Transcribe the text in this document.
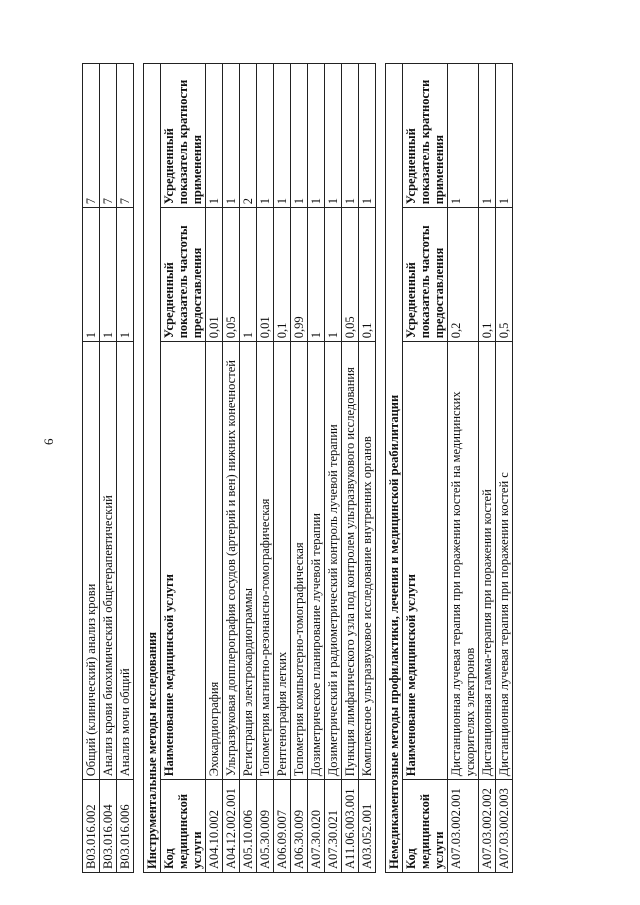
6
B03.016.002	Общий (клинический) анализ крови	1	7
B03.016.004	Анализ крови биохимический общетерапевтический	1	7
B03.016.006	Анализ мочи общий	1	7

Инструментальные методы исследования			
Код медицинской услуги	Наименование медицинской услуги	Усредненный показатель частоты предоставления	Усредненный показатель кратности применения
A04.10.002	Эхокардиография	0,01	1
A04.12.002.001	Ультразвуковая допплерография сосудов (артерий и вен) нижних конечностей	0,05	1
A05.10.006	Регистрация электрокардиограммы	1	2
A05.30.009	Топометрия магнитно-резонансно-томографическая	0,01	1
A06.09.007	Рентгенография легких	0,1	1
A06.30.009	Топометрия компьютерно-томографическая	0,99	1
A07.30.020	Дозиметрическое планирование лучевой терапии	1	1
A07.30.021	Дозиметрический и радиометрический контроль лучевой терапии	1	1
A11.06.003.001	Пункция лимфатического узла под контролем ультразвукового исследования	0,05	1
A03.052.001	Комплексное ультразвуковое исследование внутренних органов	0,1	1

Немедикаментозные методы профилактики, лечения и медицинской реабилитации			
Код медицинской услуги	Наименование медицинской услуги	Усредненный показатель частоты предоставления	Усредненный показатель кратности применения
A07.03.002.001	Дистанционная лучевая терапия при поражении костей на медицинских ускорителях электронов	0,2	1
A07.03.002.002	Дистанционная гамма-терапия при поражении костей	0,1	1
A07.03.002.003	Дистанционная лучевая терапия при поражении костей с	0,5	1
